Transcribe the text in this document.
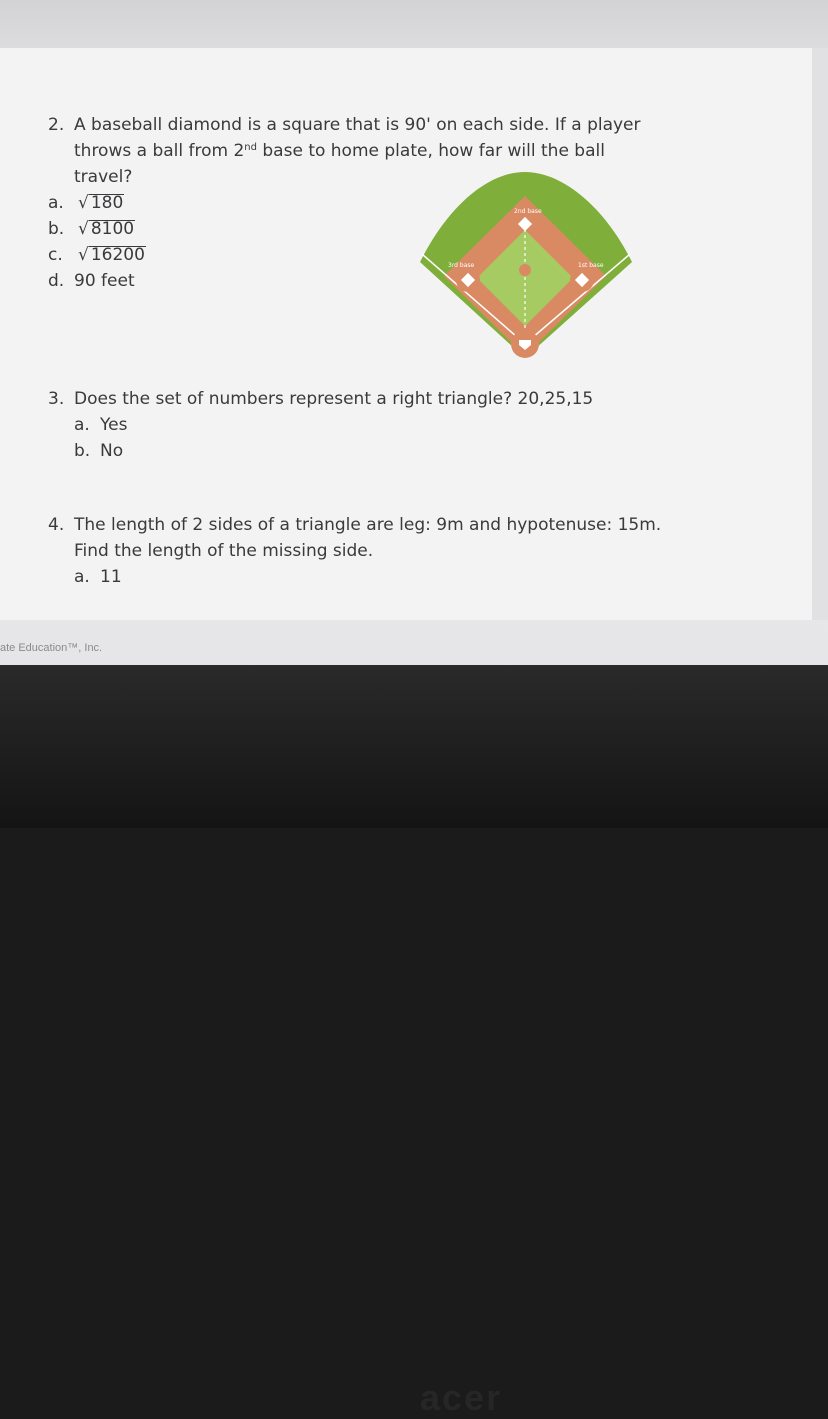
2. A baseball diamond is a square that is 90' on each side. If a player
throws a ball from 2nd base to home plate, how far will the ball
travel?
a. √ 180
b. √ 8100
c. √ 16200
d. 90 feet
2nd base
3rd base	1st base
3. Does the set of numbers represent a right triangle? 20,25,15
a. Yes
b. No
4. The length of 2 sides of a triangle are leg: 9m and hypotenuse: 15m.
Find the length of the missing side.
a. 11
ate Education™, Inc.
acer
